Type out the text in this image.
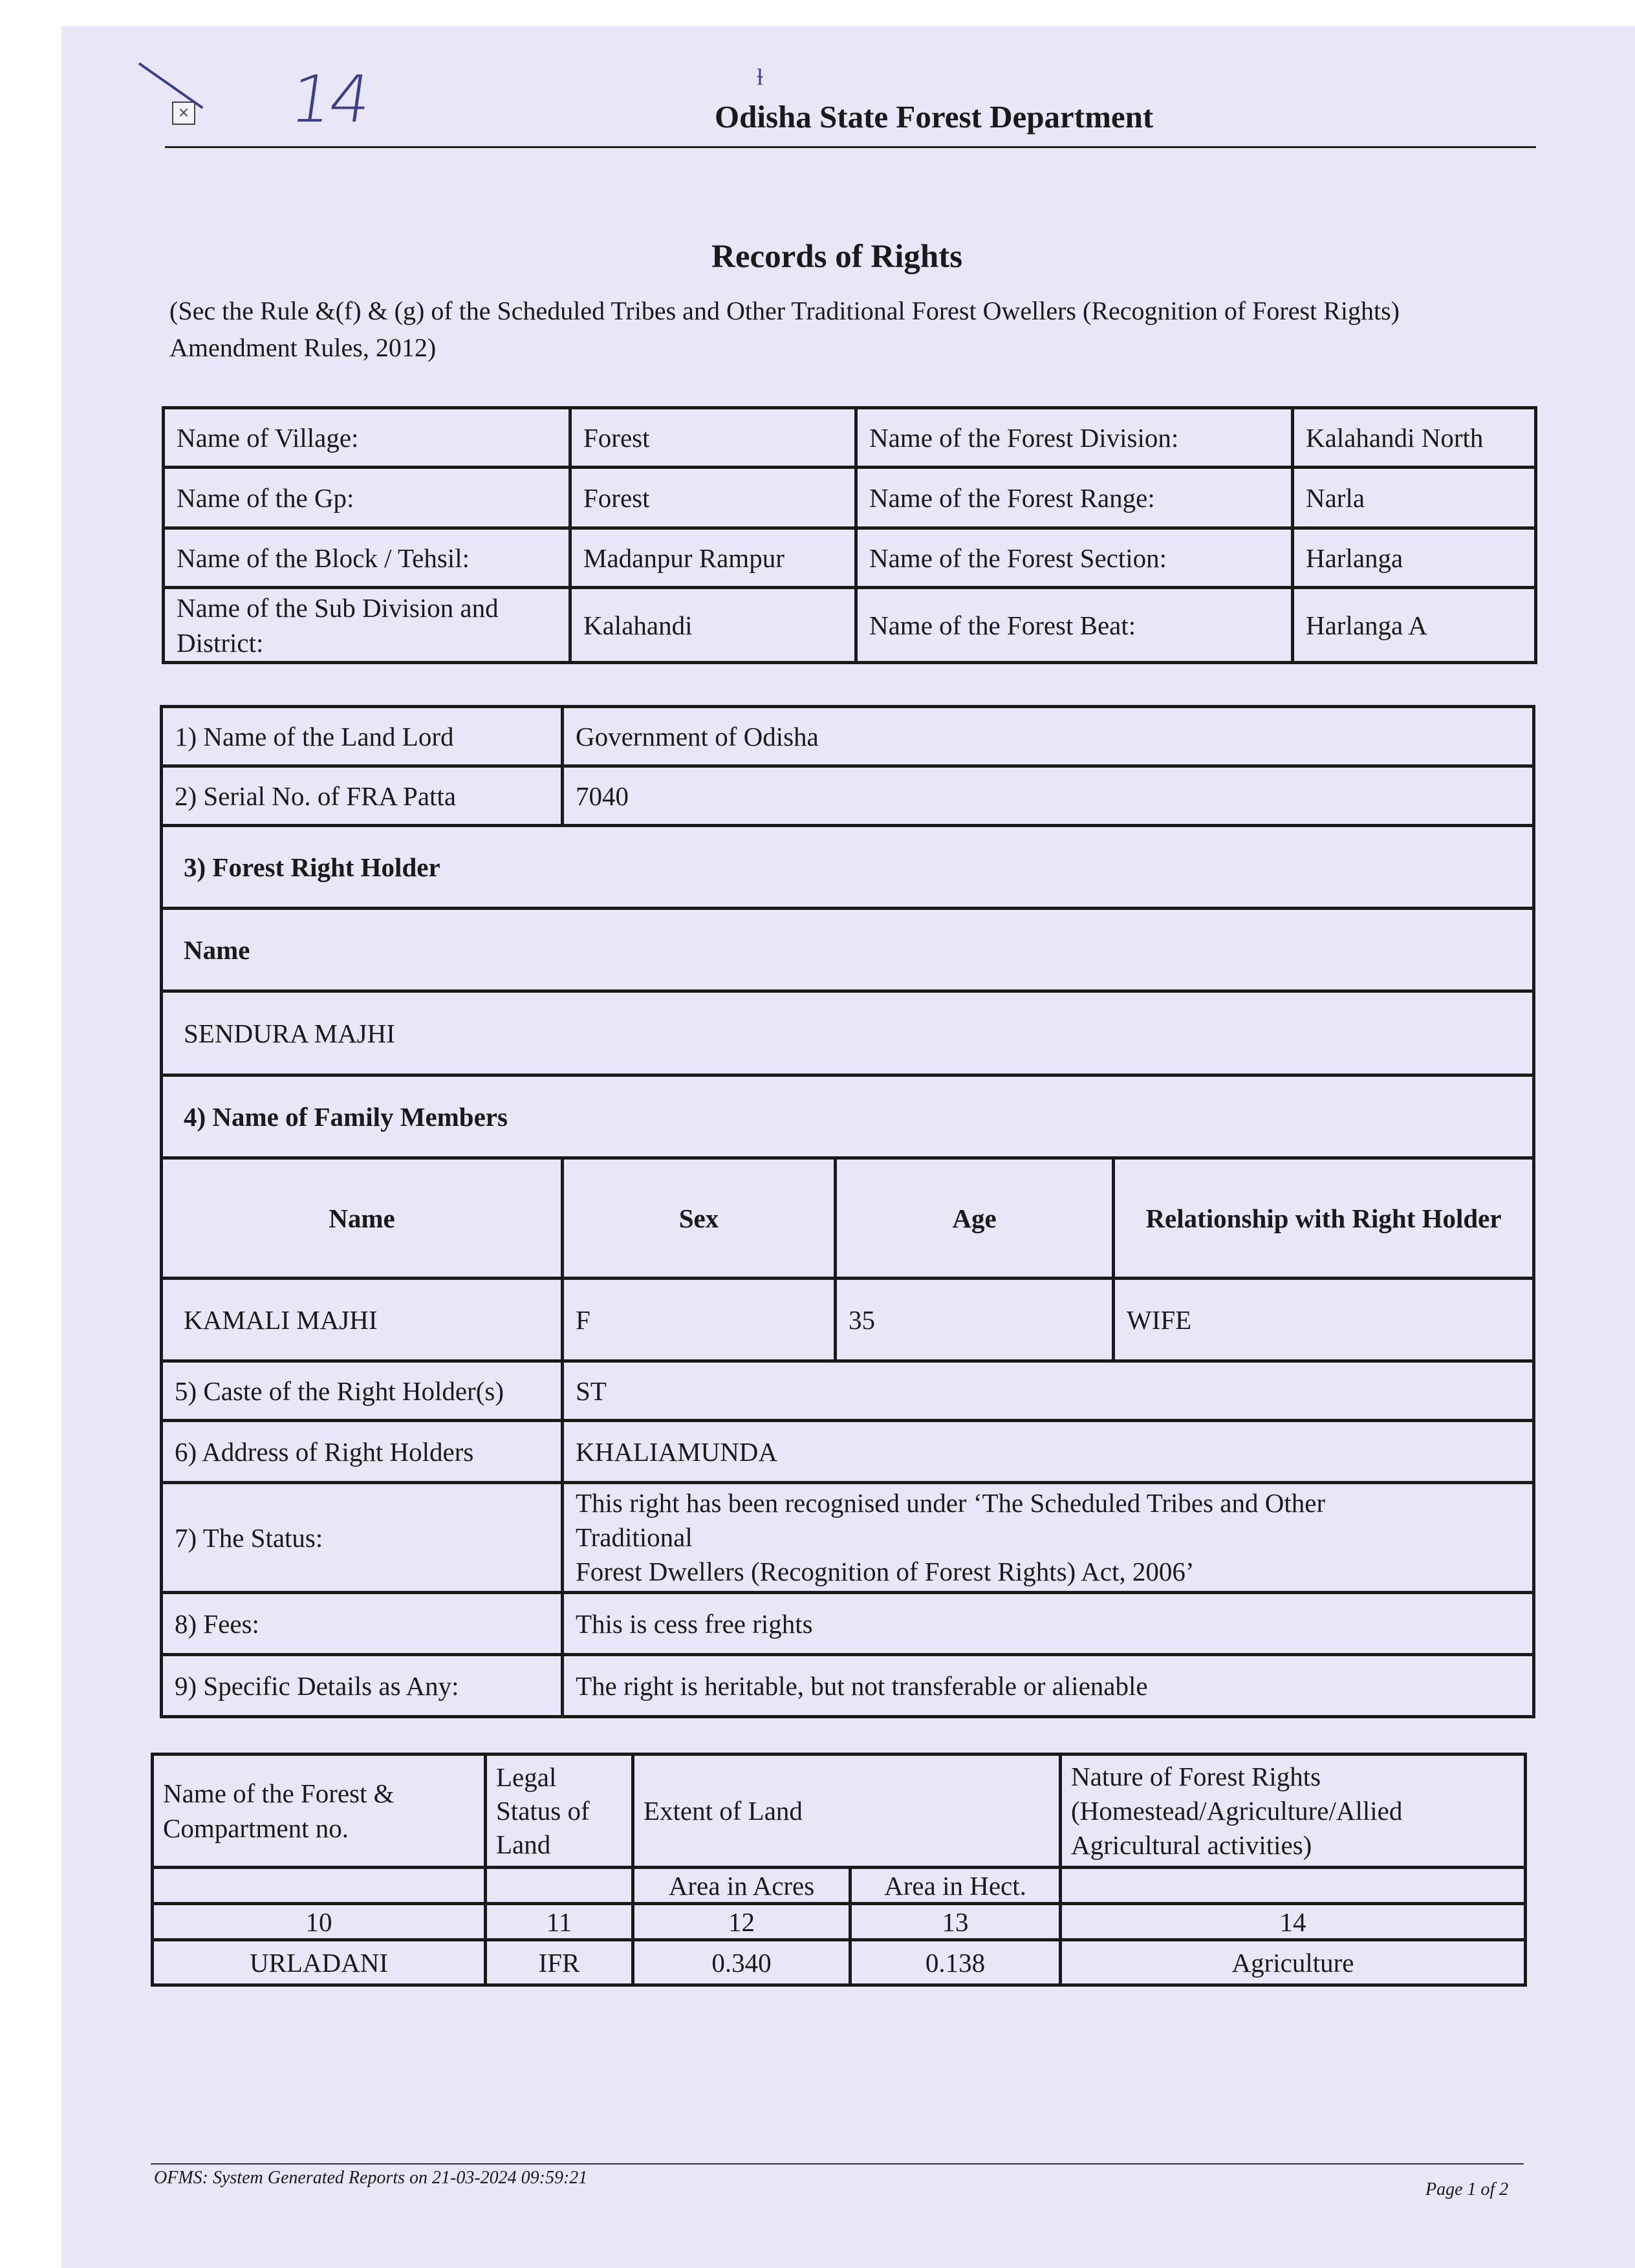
× 14	ɫ
Odisha State Forest Department
Records of Rights
(Sec the Rule &(f) & (g) of the Scheduled Tribes and Other Traditional Forest Owellers (Recognition of Forest Rights) Amendment Rules, 2012)
Name of Village:	Forest	Name of the Forest Division:	Kalahandi North
Name of the Gp:	Forest	Name of the Forest Range:	Narla
Name of the Block / Tehsil:	Madanpur Rampur	Name of the Forest Section:	Harlanga
Name of the Sub Division and District:	Kalahandi	Name of the Forest Beat:	Harlanga A
1) Name of the Land Lord	Government of Odisha		
2) Serial No. of FRA Patta	7040		
3) Forest Right Holder			
Name			
SENDURA MAJHI			
4) Name of Family Members			
Name	Sex	Age	Relationship with Right Holder
KAMALI MAJHI	F	35	WIFE
5) Caste of the Right Holder(s)	ST		
6) Address of Right Holders	KHALIAMUNDA		
7) The Status:	This right has been recognised under ‘The Scheduled Tribes and Other
Traditional
Forest Dwellers (Recognition of Forest Rights) Act, 2006’		

8) Fees:	This is cess free rights		
9) Specific Details as Any:	The right is heritable, but not transferable or alienable		
Name of the Forest & Compartment no.	Legal Status of Land	Extent of Land		Nature of Forest Rights (Homestead/Agriculture/Allied Agricultural activities)
		Area in Acres	Area in Hect.	
10	11	12	13	14
URLADANI	IFR	0.340	0.138	Agriculture
OFMS: System Generated Reports on 21-03-2024 09:59:21
Page 1 of 2
